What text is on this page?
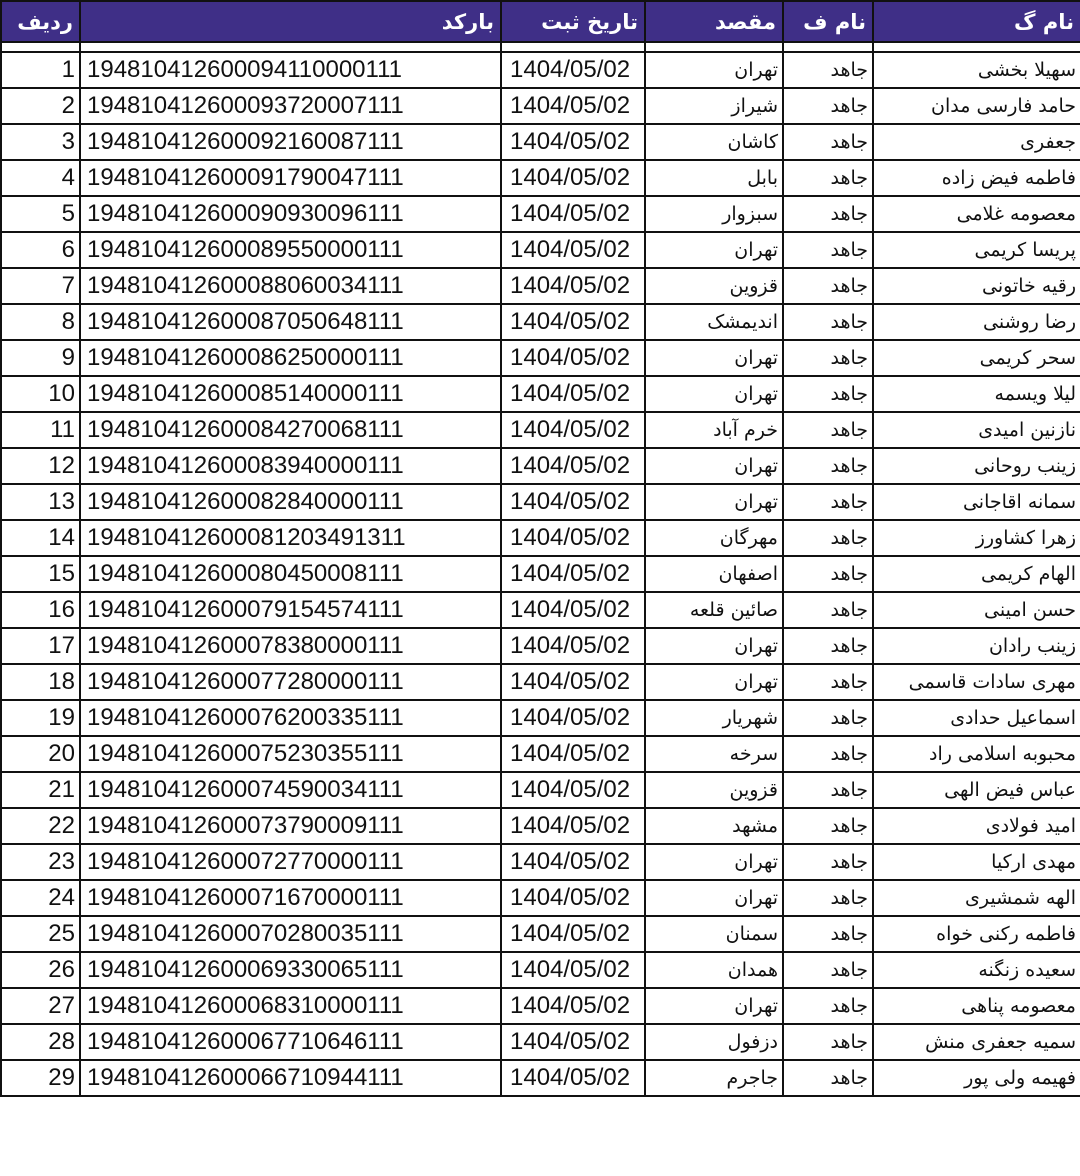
ردیف	بارکد	تاریخ ثبت	مقصد	نام ف	نام گ

1	194810412600094110000111	1404/05/02	تهران	جاهد	سهیلا بخشی
2	194810412600093720007111	1404/05/02	شیراز	جاهد	حامد فارسی مدان
3	194810412600092160087111	1404/05/02	کاشان	جاهد	جعفری
4	194810412600091790047111	1404/05/02	بابل	جاهد	فاطمه فیض زاده
5	194810412600090930096111	1404/05/02	سبزوار	جاهد	معصومه غلامی
6	194810412600089550000111	1404/05/02	تهران	جاهد	پریسا کریمی
7	194810412600088060034111	1404/05/02	قزوین	جاهد	رقیه خاتونی
8	194810412600087050648111	1404/05/02	اندیمشک	جاهد	رضا روشنی
9	194810412600086250000111	1404/05/02	تهران	جاهد	سحر کریمی
10	194810412600085140000111	1404/05/02	تهران	جاهد	لیلا ویسمه
11	194810412600084270068111	1404/05/02	خرم آباد	جاهد	نازنین امیدی
12	194810412600083940000111	1404/05/02	تهران	جاهد	زینب روحانی
13	194810412600082840000111	1404/05/02	تهران	جاهد	سمانه اقاجانی
14	194810412600081203491311	1404/05/02	مهرگان	جاهد	زهرا کشاورز
15	194810412600080450008111	1404/05/02	اصفهان	جاهد	الهام کریمی
16	194810412600079154574111	1404/05/02	صائین قلعه	جاهد	حسن امینی
17	194810412600078380000111	1404/05/02	تهران	جاهد	زینب رادان
18	194810412600077280000111	1404/05/02	تهران	جاهد	مهری سادات قاسمی
19	194810412600076200335111	1404/05/02	شهریار	جاهد	اسماعیل حدادی
20	194810412600075230355111	1404/05/02	سرخه	جاهد	محبوبه اسلامی راد
21	194810412600074590034111	1404/05/02	قزوین	جاهد	عباس فیض الهی
22	194810412600073790009111	1404/05/02	مشهد	جاهد	امید فولادی
23	194810412600072770000111	1404/05/02	تهران	جاهد	مهدی ارکیا
24	194810412600071670000111	1404/05/02	تهران	جاهد	الهه شمشیری
25	194810412600070280035111	1404/05/02	سمنان	جاهد	فاطمه رکنی خواه
26	194810412600069330065111	1404/05/02	همدان	جاهد	سعیده زنگنه
27	194810412600068310000111	1404/05/02	تهران	جاهد	معصومه پناهی
28	194810412600067710646111	1404/05/02	دزفول	جاهد	سمیه جعفری منش
29	194810412600066710944111	1404/05/02	جاجرم	جاهد	فهیمه ولی پور
